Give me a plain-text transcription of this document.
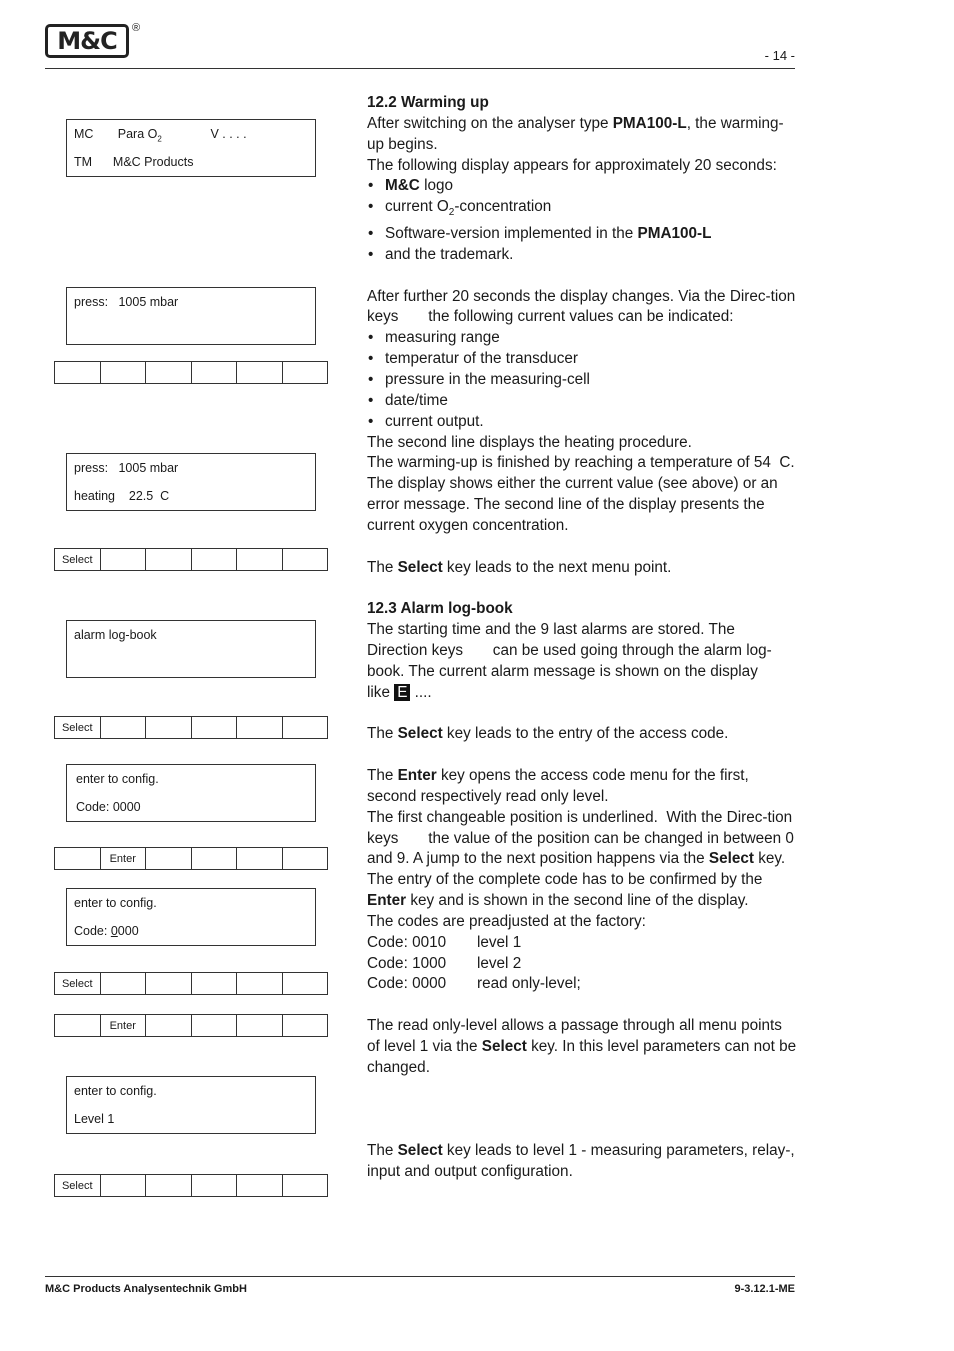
M&C ®
- 14 -
MC Para $O_2$	V . . . .
TM M&C Products
press:   1005 mbar
press:   1005 mbar
heating    22.5  C
Select
alarm log-book
Select
enter to config.
Code: 0000
Enter
enter to config.
Code: 0000
Select
Enter
enter to config.
Level 1
Select

12.2 Warming up

After switching on the analyser type PMA100-L, the warming-up begins.

The following display appears for approximately 20 seconds:

• M&C logo

• current $O_2$-concentration

• Software-version implemented in the PMA100-L

• and the trademark.

After further 20 seconds the display changes. Via the Direc-tion keys       the following current values can be indicated:

• measuring range

• temperatur of the transducer

• pressure in the measuring-cell

• date/time

• current output.

The second line displays the heating procedure.

The warming-up is finished by reaching a temperature of 54  C. The display shows either the current value (see above) or an error message. The second line of the display presents the current oxygen concentration.

The Select key leads to the next menu point.

12.3 Alarm log-book

The starting time and the 9 last alarms are stored. The Direction keys       can be used going through the alarm log-book. The current alarm message is shown on the display

like E ....

The Select key leads to the entry of the access code.

The Enter key opens the access code menu for the first, second respectively read only level.

The first changeable position is underlined.  With the Direc-tion keys       the value of the position can be changed in between 0 and 9. A jump to the next position happens via the Select key.  The entry of the complete code has to be confirmed by the Enter key and is shown in the second line of the display.

The codes are preadjusted at the factory:

Code: 0010 level 1

Code: 1000 level 2

Code: 0000 read only-level;

The read only-level allows a passage through all menu points of level 1 via the Select key. In this level parameters can not be changed.

The Select key leads to level 1 - measuring parameters, relay-, input and output configuration.

M&C Products Analysentechnik GmbH	9-3.12.1-ME
